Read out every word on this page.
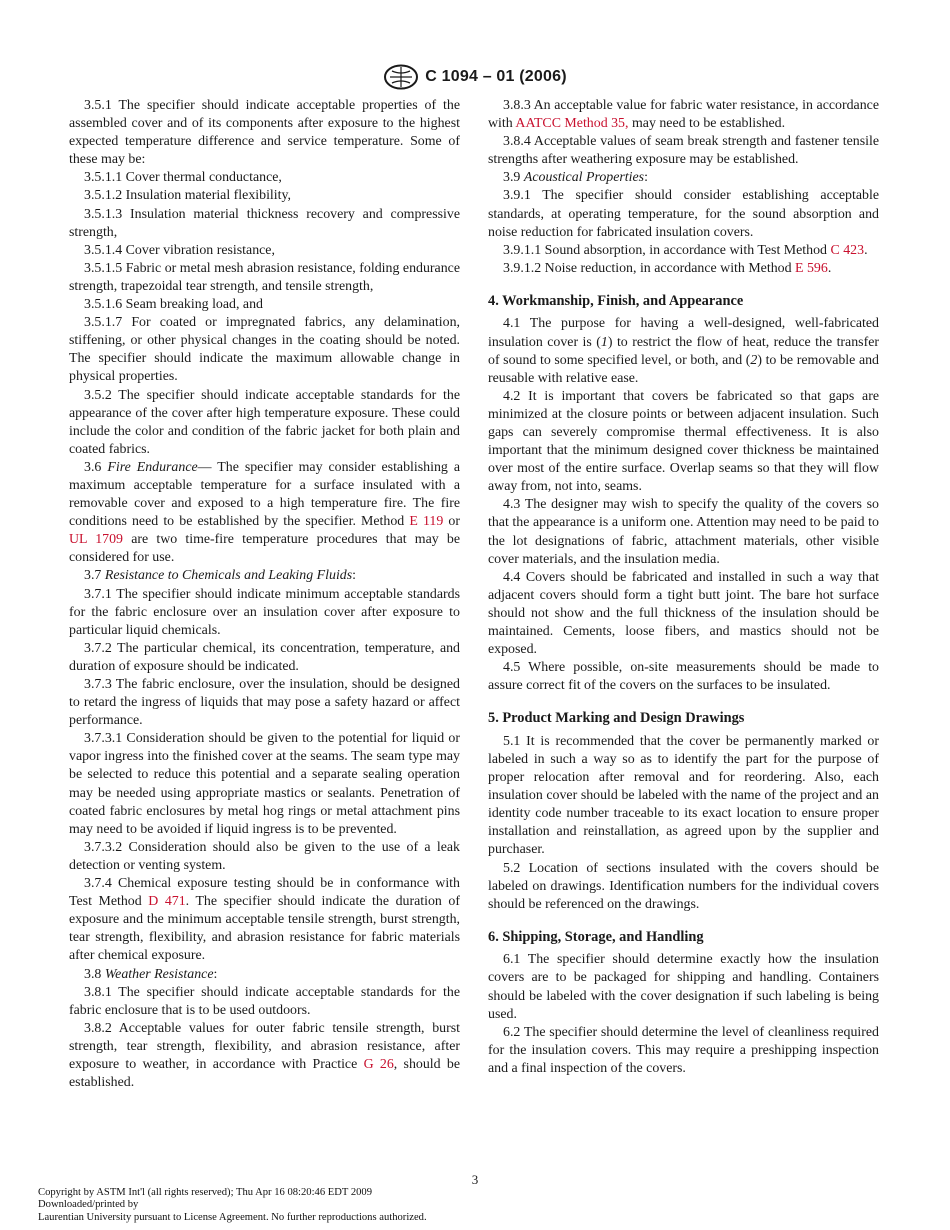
C 1094 – 01 (2006)

3.5.1 The specifier should indicate acceptable properties of the assembled cover and of its components after exposure to the highest expected temperature difference and service temperature. Some of these may be:

3.5.1.1 Cover thermal conductance,

3.5.1.2 Insulation material flexibility,

3.5.1.3 Insulation material thickness recovery and compressive strength,

3.5.1.4 Cover vibration resistance,

3.5.1.5 Fabric or metal mesh abrasion resistance, folding endurance strength, trapezoidal tear strength, and tensile strength,

3.5.1.6 Seam breaking load, and

3.5.1.7 For coated or impregnated fabrics, any delamination, stiffening, or other physical changes in the coating should be noted. The specifier should indicate the maximum allowable change in physical properties.

3.5.2 The specifier should indicate acceptable standards for the appearance of the cover after high temperature exposure. These could include the color and condition of the fabric jacket for both plain and coated fabrics.

3.6 Fire Endurance— The specifier may consider establishing a maximum acceptable temperature for a surface insulated with a removable cover and exposed to a high temperature fire. The fire conditions need to be established by the specifier. Method E 119 or UL 1709 are two time-fire temperature procedures that may be considered for use.

3.7 Resistance to Chemicals and Leaking Fluids:

3.7.1 The specifier should indicate minimum acceptable standards for the fabric enclosure over an insulation cover after exposure to particular liquid chemicals.

3.7.2 The particular chemical, its concentration, temperature, and duration of exposure should be indicated.

3.7.3 The fabric enclosure, over the insulation, should be designed to retard the ingress of liquids that may pose a safety hazard or affect performance.

3.7.3.1 Consideration should be given to the potential for liquid or vapor ingress into the finished cover at the seams. The seam type may be selected to reduce this potential and a separate sealing operation may be needed using appropriate mastics or sealants. Penetration of coated fabric enclosures by metal hog rings or metal attachment pins may need to be avoided if liquid ingress is to be prevented.

3.7.3.2 Consideration should also be given to the use of a leak detection or venting system.

3.7.4 Chemical exposure testing should be in conformance with Test Method D 471. The specifier should indicate the duration of exposure and the minimum acceptable tensile strength, burst strength, tear strength, flexibility, and abrasion resistance for fabric materials after chemical exposure.

3.8 Weather Resistance:

3.8.1 The specifier should indicate acceptable standards for the fabric enclosure that is to be used outdoors.

3.8.2 Acceptable values for outer fabric tensile strength, burst strength, tear strength, flexibility, and abrasion resistance, after exposure to weather, in accordance with Practice G 26, should be established.

3.8.3 An acceptable value for fabric water resistance, in accordance with AATCC Method 35, may need to be established.

3.8.4 Acceptable values of seam break strength and fastener tensile strengths after weathering exposure may be established.

3.9 Acoustical Properties:

3.9.1 The specifier should consider establishing acceptable standards, at operating temperature, for the sound absorption and noise reduction for fabricated insulation covers.

3.9.1.1 Sound absorption, in accordance with Test Method C 423.

3.9.1.2 Noise reduction, in accordance with Method E 596.

4. Workmanship, Finish, and Appearance

4.1 The purpose for having a well-designed, well-fabricated insulation cover is (1) to restrict the flow of heat, reduce the transfer of sound to some specified level, or both, and (2) to be removable and reusable with relative ease.

4.2 It is important that covers be fabricated so that gaps are minimized at the closure points or between adjacent insulation. Such gaps can severely compromise thermal effectiveness. It is also important that the minimum designed cover thickness be maintained over most of the entire surface. Overlap seams so that they will flow away from, not into, seams.

4.3 The designer may wish to specify the quality of the covers so that the appearance is a uniform one. Attention may need to be paid to the lot designations of fabric, attachment materials, other visible cover materials, and the insulation media.

4.4 Covers should be fabricated and installed in such a way that adjacent covers should form a tight butt joint. The bare hot surface should not show and the full thickness of the insulation should be maintained. Cements, loose fibers, and mastics should not be exposed.

4.5 Where possible, on-site measurements should be made to assure correct fit of the covers on the surfaces to be insulated.

5. Product Marking and Design Drawings

5.1 It is recommended that the cover be permanently marked or labeled in such a way so as to identify the part for the purpose of proper relocation after removal and for reordering. Also, each insulation cover should be labeled with the name of the project and an identity code number traceable to its exact location to ensure proper installation and reinstallation, as agreed upon by the supplier and purchaser.

5.2 Location of sections insulated with the covers should be labeled on drawings. Identification numbers for the individual covers should be referenced on the drawings.

6. Shipping, Storage, and Handling

6.1 The specifier should determine exactly how the insulation covers are to be packaged for shipping and handling. Containers should be labeled with the cover designation if such labeling is being used.

6.2 The specifier should determine the level of cleanliness required for the insulation covers. This may require a preshipping inspection and a final inspection of the covers.

3
Copyright by ASTM Int'l (all rights reserved); Thu Apr 16 08:20:46 EDT 2009
Downloaded/printed by
Laurentian University pursuant to License Agreement. No further reproductions authorized.
